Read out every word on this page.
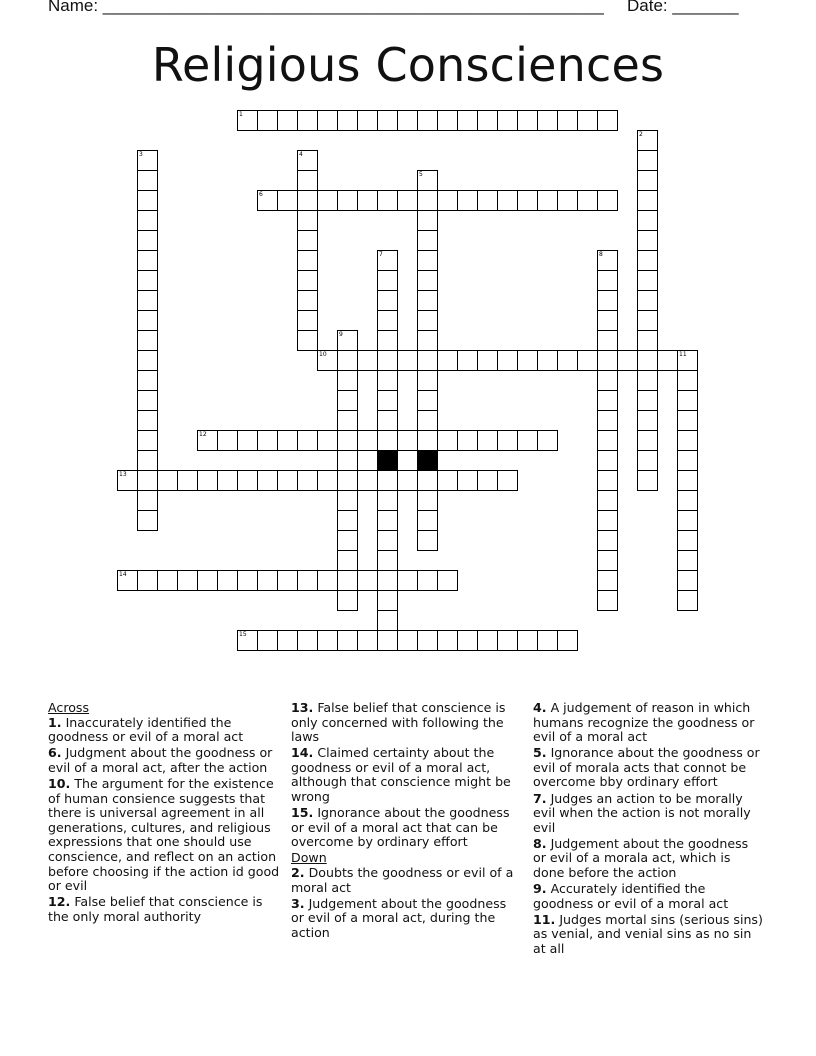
Name: _____________________________________________________ Date: _______
Religious Consciences
1
2
3	4
5
6
7	8
9
10	11
12
13
14
15
Across
1. Inaccurately identified the goodness or evil of a moral act
6. Judgment about the goodness or evil of a moral act, after the action
10. The argument for the existence of human consience suggests that there is universal agreement in all generations, cultures, and religious expressions that one should use conscience, and reflect on an action before choosing if the action id good or evil
12. False belief that conscience is the only moral authority
13. False belief that conscience is only concerned with following the laws
14. Claimed certainty about the goodness or evil of a moral act, although that conscience might be wrong
15. Ignorance about the goodness or evil of a moral act that can be overcome by ordinary effort
Down
2. Doubts the goodness or evil of a moral act
3. Judgement about the goodness or evil of a moral act, during the action
4. A judgement of reason in which humans recognize the goodness or evil of a moral act
5. Ignorance about the goodness or evil of morala acts that connot be overcome bby ordinary effort
7. Judges an action to be morally evil when the action is not morally evil
8. Judgement about the goodness or evil of a morala act, which is done before the action
9. Accurately identified the goodness or evil of a moral act
11. Judges mortal sins (serious sins) as venial, and venial sins as no sin at all
